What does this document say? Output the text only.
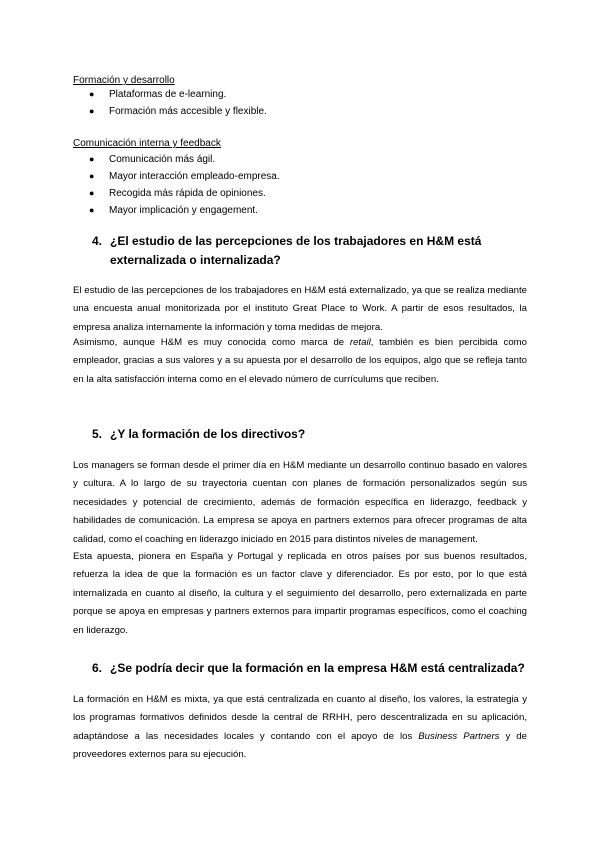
Formación y desarrollo
● Plataformas de e-learning.
● Formación más accesible y flexible.
Comunicación interna y feedback
● Comunicación más ágil.
● Mayor interacción empleado-empresa.
● Recogida más rápida de opiniones.
● Mayor implicación y engagement.
4. ¿El estudio de las percepciones de los trabajadores en H&M está externalizada o internalizada?

El estudio de las percepciones de los trabajadores en H&M está externalizado, ya que se realiza mediante una encuesta anual monitorizada por el instituto Great Place to Work. A partir de esos resultados, la empresa analiza internamente la información y toma medidas de mejora.

Asimismo, aunque H&M es muy conocida como marca de retail, también es bien percibida como empleador, gracias a sus valores y a su apuesta por el desarrollo de los equipos, algo que se refleja tanto en la alta satisfacción interna como en el elevado número de currículums que reciben.

5. ¿Y la formación de los directivos?

Los managers se forman desde el primer día en H&M mediante un desarrollo continuo basado en valores y cultura. A lo largo de su trayectoria cuentan con planes de formación personalizados según sus necesidades y potencial de crecimiento, además de formación específica en liderazgo, feedback y habilidades de comunicación. La empresa se apoya en partners externos para ofrecer programas de alta calidad, como el coaching en liderazgo iniciado en 2015 para distintos niveles de management.

Esta apuesta, pionera en España y Portugal y replicada en otros países por sus buenos resultados, refuerza la idea de que la formación es un factor clave y diferenciador. Es por esto, por lo que está internalizada en cuanto al diseño, la cultura y el seguimiento del desarrollo, pero externalizada en parte porque se apoya en empresas y partners externos para impartir programas específicos, como el coaching en liderazgo.

6. ¿Se podría decir que la formación en la empresa H&M está centralizada?

La formación en H&M es mixta, ya que está centralizada en cuanto al diseño, los valores, la estrategia y los programas formativos definidos desde la central de RRHH, pero descentralizada en su aplicación, adaptándose a las necesidades locales y contando con el apoyo de los Business Partners y de proveedores externos para su ejecución.
